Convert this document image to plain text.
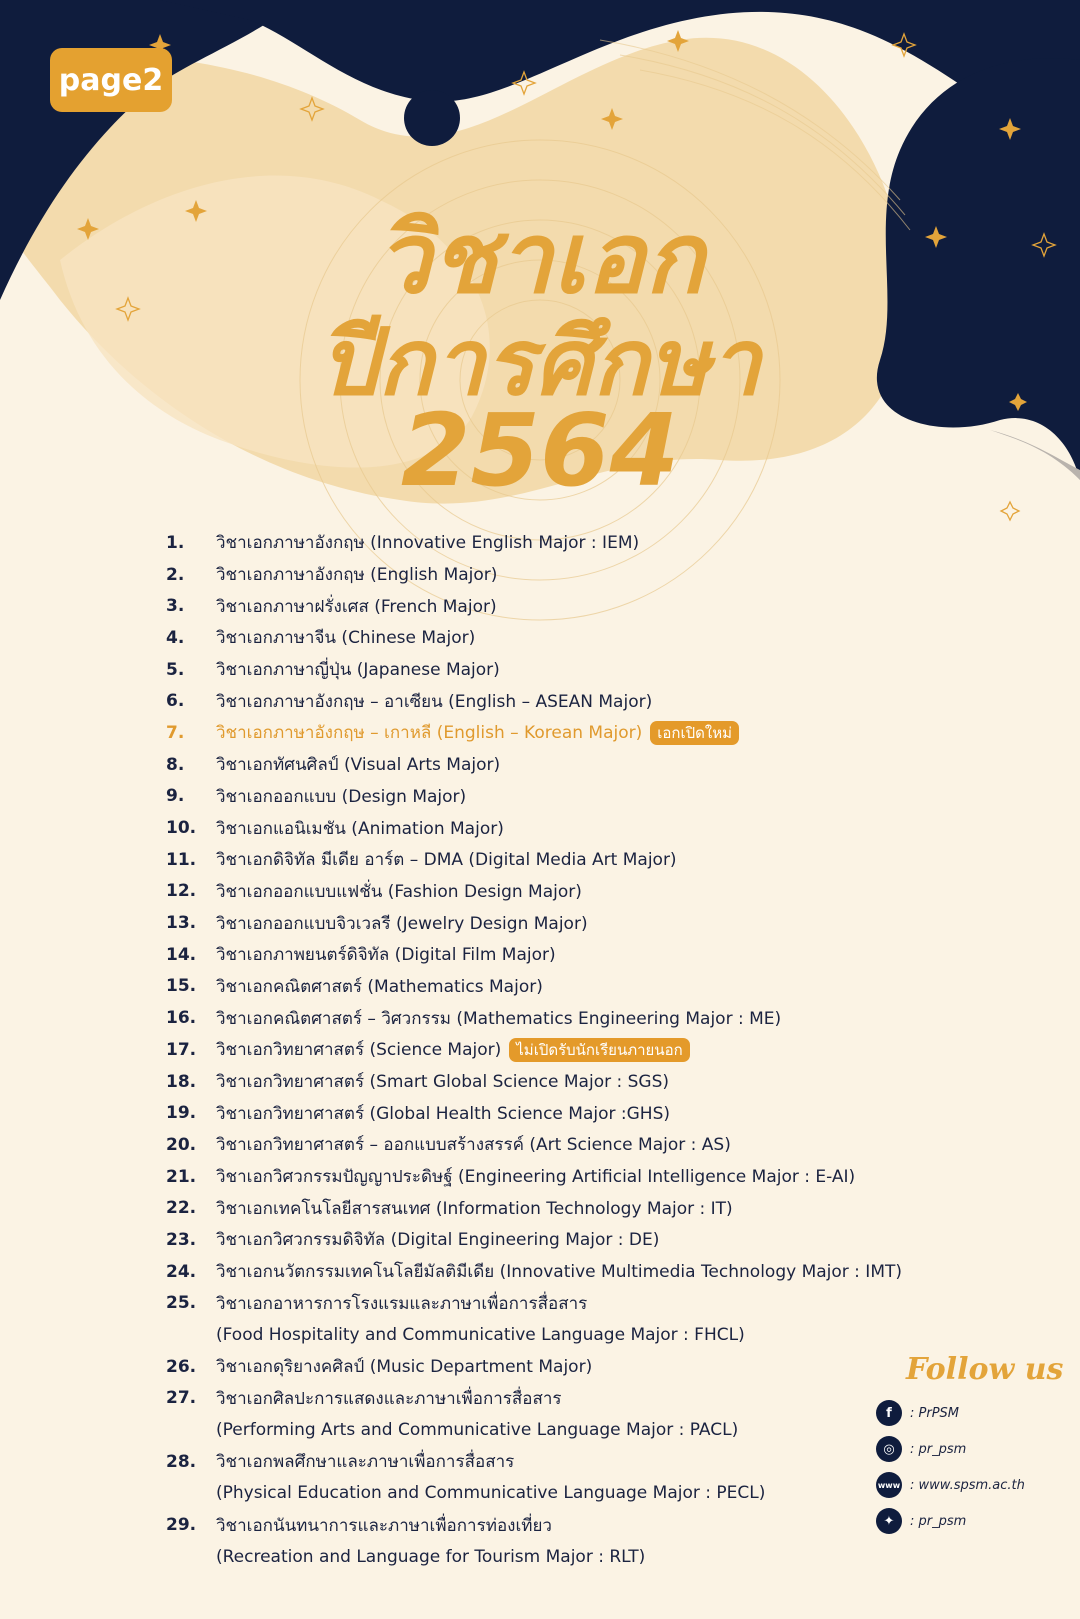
page2
วิชาเอก
ปีการศึกษา
2564
1.	วิชาเอกภาษาอังกฤษ (Innovative English Major : IEM)
2.	วิชาเอกภาษาอังกฤษ (English Major)
3.	วิชาเอกภาษาฝรั่งเศส (French Major)
4.	วิชาเอกภาษาจีน (Chinese Major)
5.	วิชาเอกภาษาญี่ปุ่น (Japanese Major)
6.	วิชาเอกภาษาอังกฤษ – อาเซียน (English – ASEAN Major)
7.	วิชาเอกภาษาอังกฤษ – เกาหลี (English – Korean Major)	เอกเปิดใหม่
8.	วิชาเอกทัศนศิลป์ (Visual Arts Major)
9.	วิชาเอกออกแบบ (Design Major)
10.	วิชาเอกแอนิเมชัน (Animation Major)
11.	วิชาเอกดิจิทัล มีเดีย อาร์ต – DMA (Digital Media Art Major)
12.	วิชาเอกออกแบบแฟชั่น (Fashion Design Major)
13.	วิชาเอกออกแบบจิวเวลรี (Jewelry Design Major)
14.	วิชาเอกภาพยนตร์ดิจิทัล (Digital Film Major)
15.	วิชาเอกคณิตศาสตร์ (Mathematics Major)
16.	วิชาเอกคณิตศาสตร์ – วิศวกรรม (Mathematics Engineering Major : ME)
17.	วิชาเอกวิทยาศาสตร์ (Science Major)	ไม่เปิดรับนักเรียนภายนอก
18.	วิชาเอกวิทยาศาสตร์ (Smart Global Science Major : SGS)
19.	วิชาเอกวิทยาศาสตร์ (Global Health Science Major :GHS)
20.	วิชาเอกวิทยาศาสตร์ – ออกแบบสร้างสรรค์ (Art Science Major : AS)
21.	วิชาเอกวิศวกรรมปัญญาประดิษฐ์ (Engineering Artificial Intelligence Major : E-AI)
22.	วิชาเอกเทคโนโลยีสารสนเทศ (Information Technology Major : IT)
23.	วิชาเอกวิศวกรรมดิจิทัล (Digital Engineering Major : DE)
24.	วิชาเอกนวัตกรรมเทคโนโลยีมัลติมีเดีย (Innovative Multimedia Technology Major : IMT)
25.	วิชาเอกอาหารการโรงแรมและภาษาเพื่อการสื่อสาร
(Food Hospitality and Communicative Language Major : FHCL)
26.	วิชาเอกดุริยางคศิลป์ (Music Department Major)
27.	วิชาเอกศิลปะการแสดงและภาษาเพื่อการสื่อสาร
(Performing Arts and Communicative Language Major : PACL)
28.	วิชาเอกพลศึกษาและภาษาเพื่อการสื่อสาร
(Physical Education and Communicative Language Major : PECL)
29.	วิชาเอกนันทนาการและภาษาเพื่อการท่องเที่ยว
(Recreation and Language for Tourism Major : RLT)
Follow us
f	: PrPSM
◎	: pr_psm
www : www.spsm.ac.th
✦	: pr_psm
